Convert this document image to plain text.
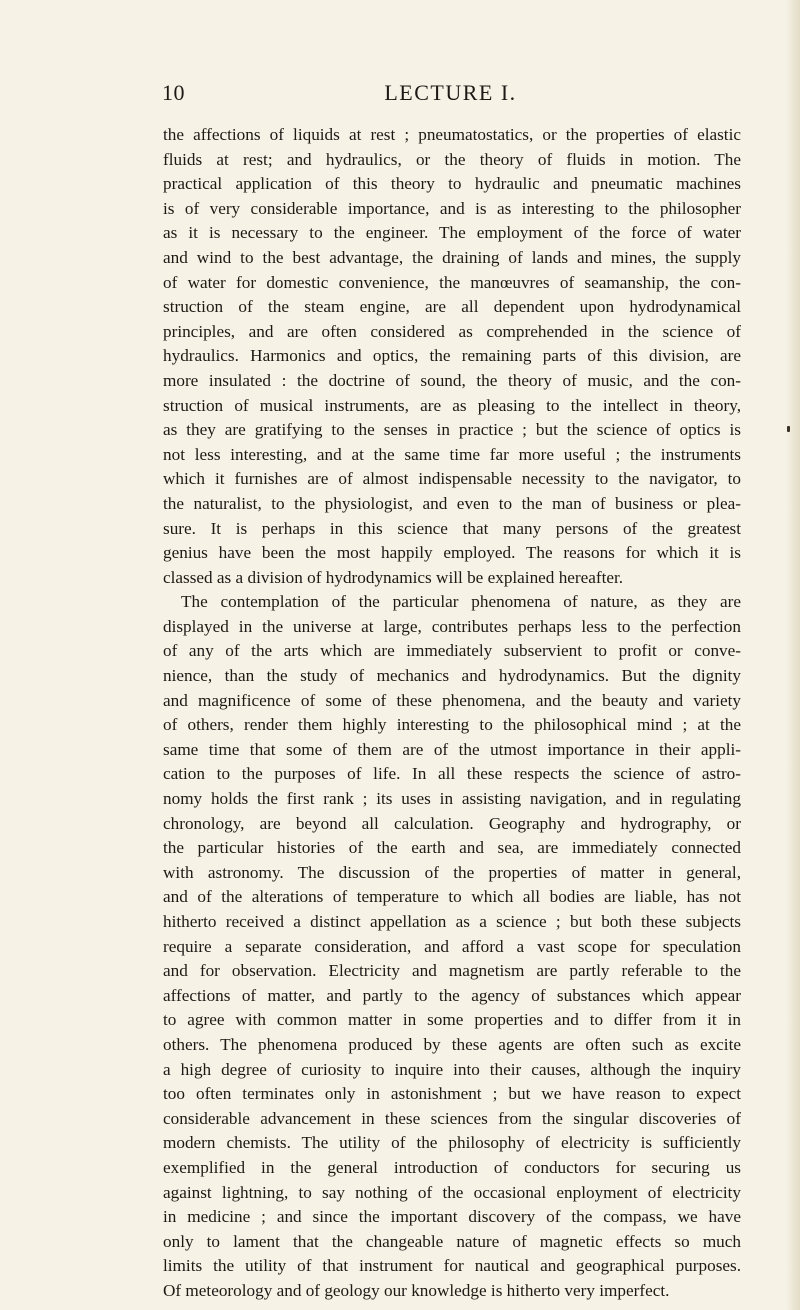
10	LECTURE I.
the affections of liquids at rest ; pneumatostatics, or the properties of elastic
fluids at rest; and hydraulics, or the theory of fluids in motion. The
practical application of this theory to hydraulic and pneumatic machines
is of very considerable importance, and is as interesting to the philosopher
as it is necessary to the engineer. The employment of the force of water
and wind to the best advantage, the draining of lands and mines, the supply
of water for domestic convenience, the manœuvres of seamanship, the con-
struction of the steam engine, are all dependent upon hydrodynamical
principles, and are often considered as comprehended in the science of
hydraulics. Harmonics and optics, the remaining parts of this division, are
more insulated : the doctrine of sound, the theory of music, and the con-
struction of musical instruments, are as pleasing to the intellect in theory,
as they are gratifying to the senses in practice ; but the science of optics is
not less interesting, and at the same time far more useful ; the instruments
which it furnishes are of almost indispensable necessity to the navigator, to
the naturalist, to the physiologist, and even to the man of business or plea-
sure. It is perhaps in this science that many persons of the greatest
genius have been the most happily employed. The reasons for which it is
classed as a division of hydrodynamics will be explained hereafter.
The contemplation of the particular phenomena of nature, as they are
displayed in the universe at large, contributes perhaps less to the perfection
of any of the arts which are immediately subservient to profit or conve-
nience, than the study of mechanics and hydrodynamics. But the dignity
and magnificence of some of these phenomena, and the beauty and variety
of others, render them highly interesting to the philosophical mind ; at the
same time that some of them are of the utmost importance in their appli-
cation to the purposes of life. In all these respects the science of astro-
nomy holds the first rank ; its uses in assisting navigation, and in regulating
chronology, are beyond all calculation. Geography and hydrography, or
the particular histories of the earth and sea, are immediately connected
with astronomy. The discussion of the properties of matter in general,
and of the alterations of temperature to which all bodies are liable, has not
hitherto received a distinct appellation as a science ; but both these subjects
require a separate consideration, and afford a vast scope for speculation
and for observation. Electricity and magnetism are partly referable to the
affections of matter, and partly to the agency of substances which appear
to agree with common matter in some properties and to differ from it in
others. The phenomena produced by these agents are often such as excite
a high degree of curiosity to inquire into their causes, although the inquiry
too often terminates only in astonishment ; but we have reason to expect
considerable advancement in these sciences from the singular discoveries of
modern chemists. The utility of the philosophy of electricity is sufficiently
exemplified in the general introduction of conductors for securing us
against lightning, to say nothing of the occasional enployment of electricity
in medicine ; and since the important discovery of the compass, we have
only to lament that the changeable nature of magnetic effects so much
limits the utility of that instrument for nautical and geographical purposes.
Of meteorology and of geology our knowledge is hitherto very imperfect.
